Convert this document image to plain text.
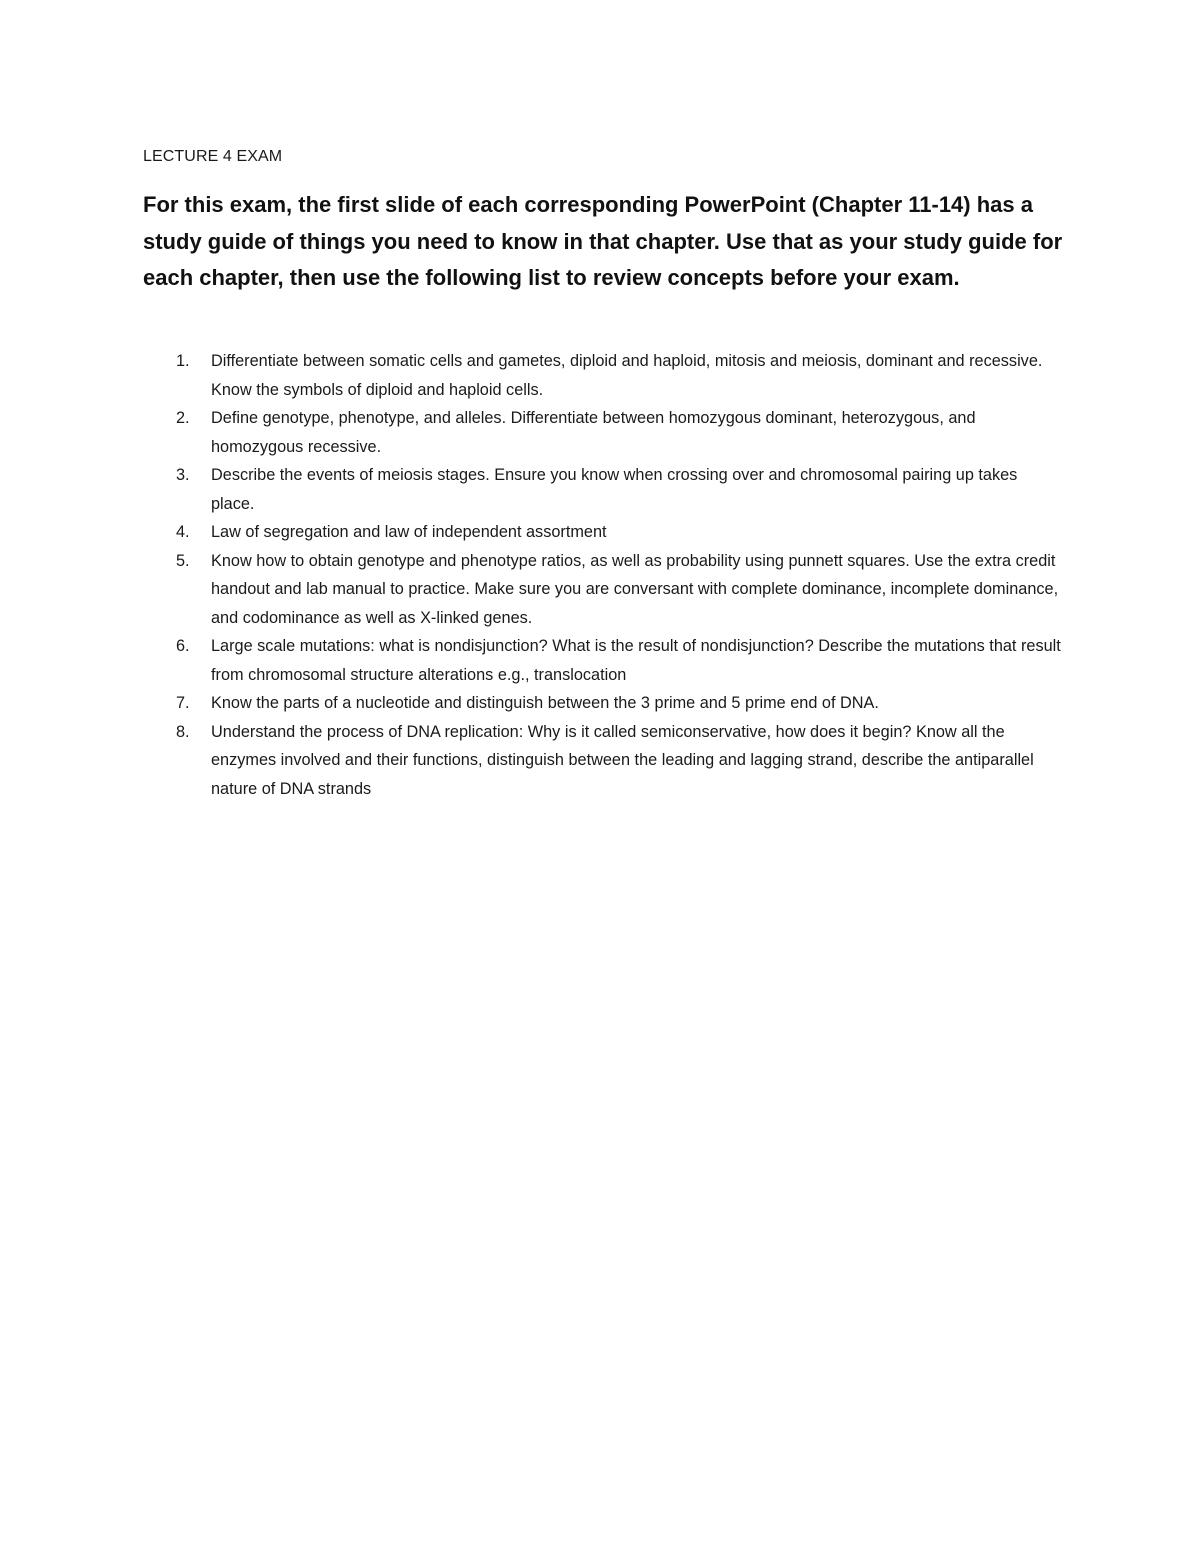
LECTURE 4 EXAM
For this exam, the first slide of each corresponding PowerPoint (Chapter 11-14) has a study guide of things you need to know in that chapter. Use that as your study guide for each chapter, then use the following list to review concepts before your exam.
1. Differentiate between somatic cells and gametes, diploid and haploid, mitosis and meiosis, dominant and recessive. Know the symbols of diploid and haploid cells.
2. Define genotype, phenotype, and alleles. Differentiate between homozygous dominant, heterozygous, and homozygous recessive.
3. Describe the events of meiosis stages. Ensure you know when crossing over and chromosomal pairing up takes place.
4. Law of segregation and law of independent assortment
5. Know how to obtain genotype and phenotype ratios, as well as probability using punnett squares. Use the extra credit handout and lab manual to practice. Make sure you are conversant with complete dominance, incomplete dominance, and codominance as well as X-linked genes.
6. Large scale mutations: what is nondisjunction? What is the result of nondisjunction? Describe the mutations that result from chromosomal structure alterations e.g., translocation
7. Know the parts of a nucleotide and distinguish between the 3 prime and 5 prime end of DNA.
8. Understand the process of DNA replication: Why is it called semiconservative, how does it begin? Know all the enzymes involved and their functions, distinguish between the leading and lagging strand, describe the antiparallel nature of DNA strands
